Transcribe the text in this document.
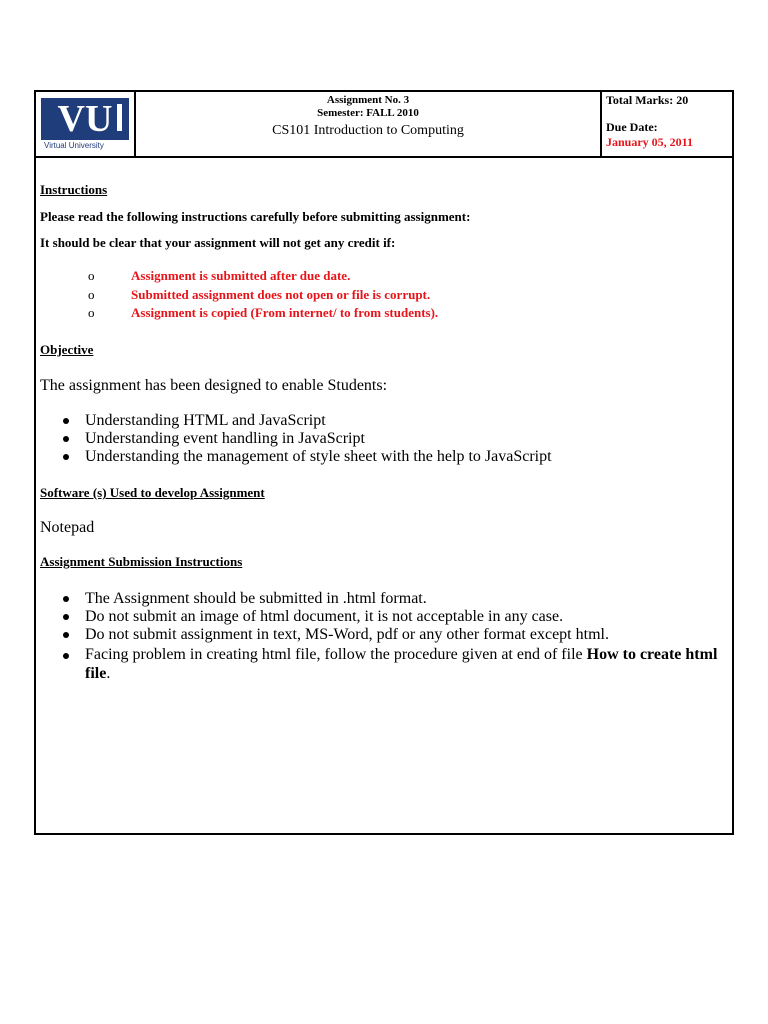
VU
Virtual University
Assignment No. 3
Semester: FALL 2010
CS101 Introduction to Computing
Total Marks: 20
Due Date:
January 05, 2011
Instructions
Please read the following instructions carefully before submitting assignment:
It should be clear that your assignment will not get any credit if:
o	Assignment is submitted after due date.
o	Submitted assignment does not open or file is corrupt.
o	Assignment is copied (From internet/ to from students).
Objective
The assignment has been designed to enable Students:
Understanding HTML and JavaScript
Understanding event handling in JavaScript
Understanding the management of style sheet with the help to JavaScript
Software (s) Used to develop Assignment
Notepad
Assignment Submission Instructions
The Assignment should be submitted in .html format.
Do not submit an image of html document, it is not acceptable in any case.
Do not submit assignment in text, MS-Word, pdf or any other format except html.
Facing problem in creating html file, follow the procedure given at end of file How to create html
file.
